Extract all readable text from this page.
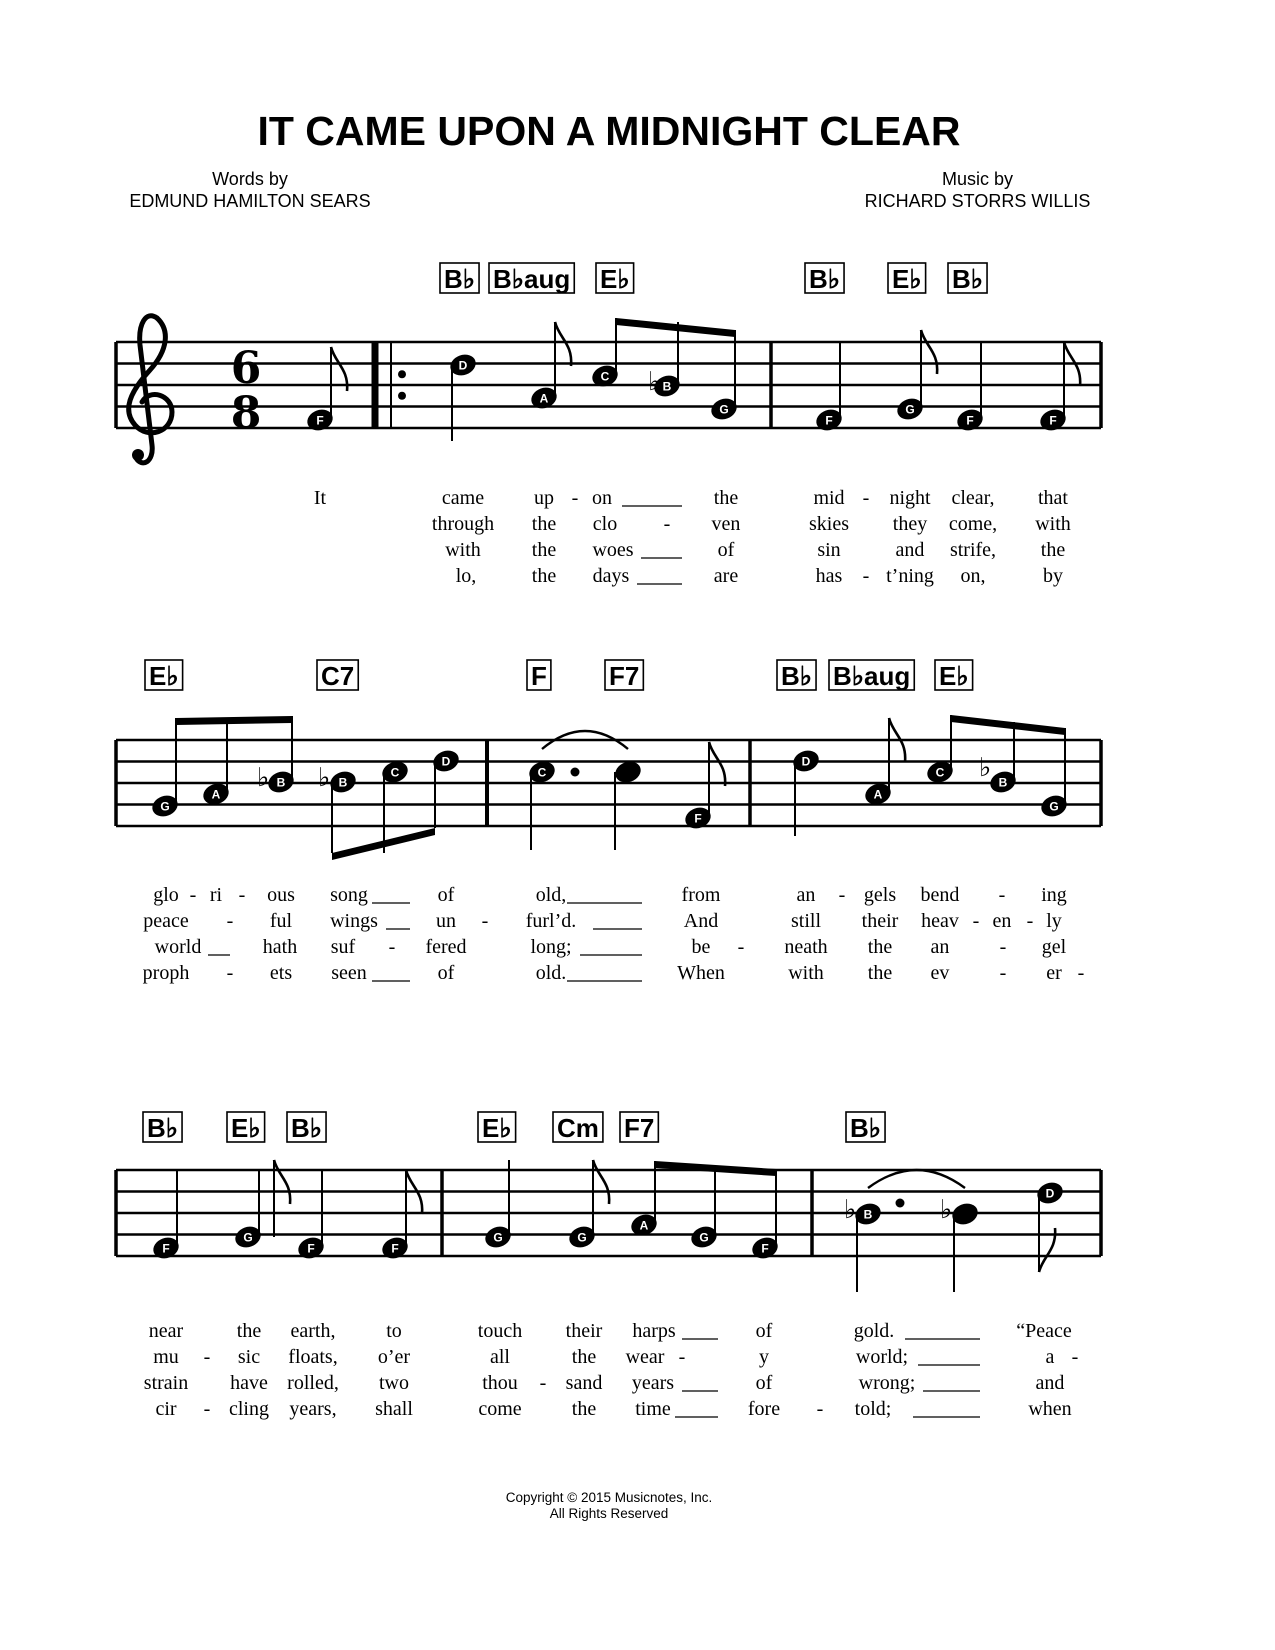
IT CAME UPON A MIDNIGHT CLEAR
Words by
EDMUND HAMILTON SEARS
Music by
RICHARD STORRS WILLIS
6
8
B♭ B♭aug E♭	B♭ E♭ B♭
F
D
A
C
B
G
F
G
F	F
♭
It	came up - on	the	mid - night clear, that
through the clo - ven	skies they come, with
with	the woes	of	sin	and strife, the
lo,	the days	are	has - t’ning on,	by
E♭	C7	F F7	B♭ B♭aug E♭
G
A
B	B
C
D
C
F
D
A
C
B
G
♭ ♭	♭
glo - ri - ous song	of	old,	from	an - gels bend - ing
peace - ful wings	un - furl’d.	And	still their heav - en - ly
world	hath suf - fered	long;	be - neath the an	- gel
proph - ets seen	of	old.	When	with the ev	- er -
B♭ E♭ B♭	E♭ Cm F7	B♭
F
G
F	F
G	G
A
G
F
B
D
♭	♭
near	the earth,	to	touch their harps	of	gold.	“Peace
mu - sic floats, o’er	all	the wear -	y	world;	a -
strain have rolled, two	thou - sand years	of	wrong;	and
cir - cling years, shall	come	the time	fore - told;	when
Copyright © 2015 Musicnotes, Inc.
All Rights Reserved
